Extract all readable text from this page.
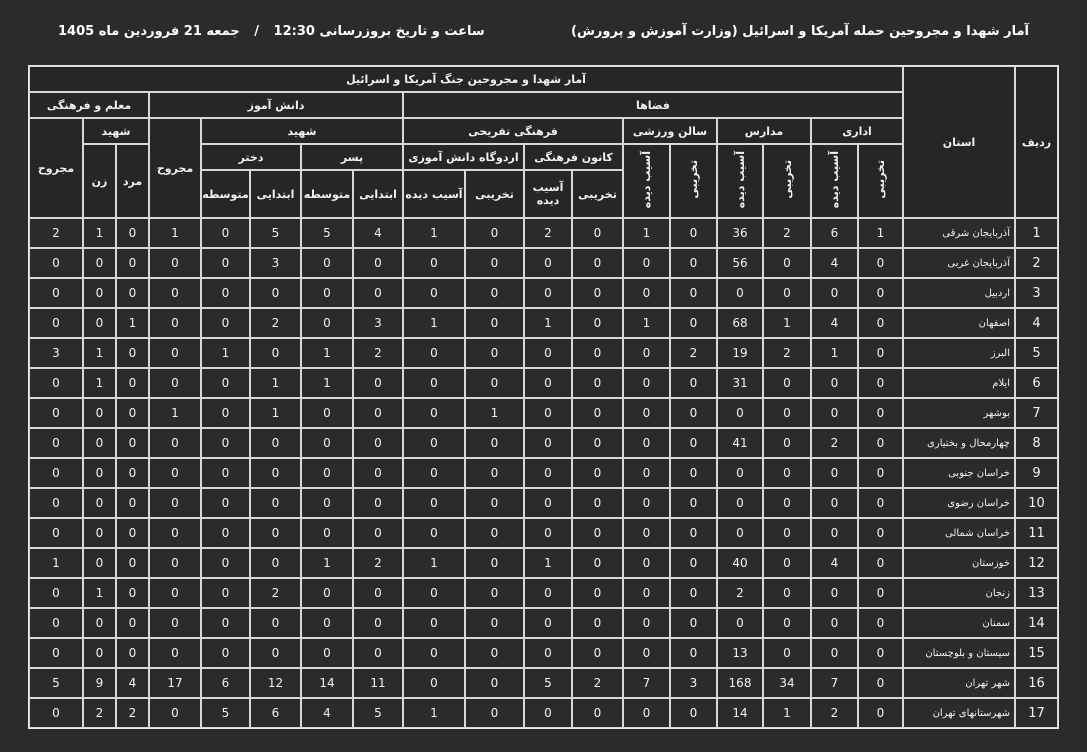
آمار شهدا و مجروحین حمله آمریکا و اسرائیل (وزارت آموزش و پرورش)
ساعت و تاریخ بروزرسانی 12:30 / جمعه 21 فروردین ماه 1405
ردیف	استان	آمار شهدا و مجروحین جنگ آمریکا و اسرائیل																	
		فضاها										دانش آموز					معلم و فرهنگی		
		اداری		مدارس		سالن ورزشی		فرهنگی تفریحی				شهید				مجروح	شهید		مجروح
		تخریبی	آسیب دیده	تخریبی	آسیب دیده	تخریبی	آسیب دیده	کانون فرهنگی		اردوگاه دانش آموزی		پسر		دختر			مرد	زن	
								تخریبی	آسیب دیده	تخریبی	آسیب دیده	ابتدایی	متوسطه	ابتدایی	متوسطه				
1	آذربایجان شرقی	1	6	2	36	0	1	0	2	0	1	4	5	5	0	1	0	1	2
2	آذربایجان غربی	0	4	0	56	0	0	0	0	0	0	0	0	3	0	0	0	0	0
3	اردبیل	0	0	0	0	0	0	0	0	0	0	0	0	0	0	0	0	0	0
4	اصفهان	0	4	1	68	0	1	0	1	0	1	3	0	2	0	0	1	0	0
5	البرز	0	1	2	19	2	0	0	0	0	0	2	1	0	1	0	0	1	3
6	ایلام	0	0	0	31	0	0	0	0	0	0	0	1	1	0	0	0	1	0
7	بوشهر	0	0	0	0	0	0	0	0	1	0	0	0	1	0	1	0	0	0
8	چهارمحال و بختیاری	0	2	0	41	0	0	0	0	0	0	0	0	0	0	0	0	0	0
9	خراسان جنوبی	0	0	0	0	0	0	0	0	0	0	0	0	0	0	0	0	0	0
10	خراسان رضوی	0	0	0	0	0	0	0	0	0	0	0	0	0	0	0	0	0	0
11	خراسان شمالی	0	0	0	0	0	0	0	0	0	0	0	0	0	0	0	0	0	0
12	خوزستان	0	4	0	40	0	0	0	1	0	1	2	1	0	0	0	0	0	1
13	زنجان	0	0	0	2	0	0	0	0	0	0	0	0	2	0	0	0	1	0
14	سمنان	0	0	0	0	0	0	0	0	0	0	0	0	0	0	0	0	0	0
15	سیستان و بلوچستان	0	0	0	13	0	0	0	0	0	0	0	0	0	0	0	0	0	0
16	شهر تهران	0	7	34	168	3	7	2	5	0	0	11	14	12	6	17	4	9	5
17	شهرستانهای تهران	0	2	1	14	0	0	0	0	0	1	5	4	6	5	0	2	2	0
